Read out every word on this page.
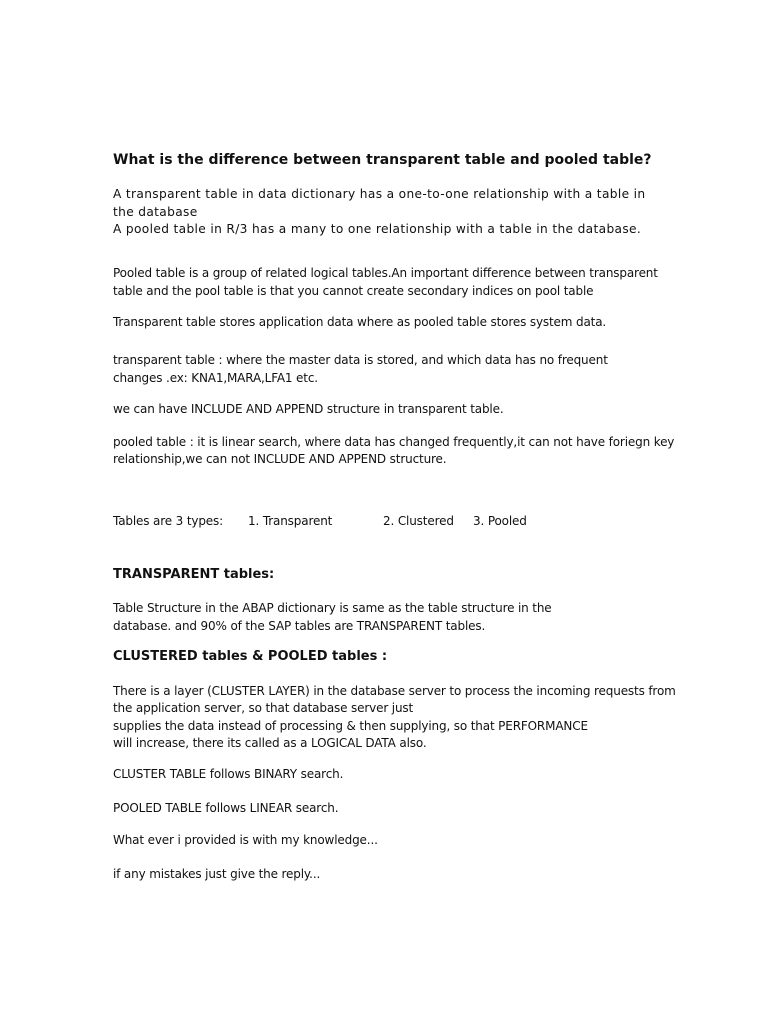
What is the difference between transparent table and pooled table?
A transparent table in data dictionary has a one-to-one relationship with a table in
the database
A pooled table in R/3 has a many to one relationship with a table in the database.
Pooled table is a group of related logical tables.An important difference between transparent
table and the pool table is that you cannot create secondary indices on pool table
Transparent table stores application data where as pooled table stores system data.
transparent table : where the master data is stored, and which data has no frequent
changes .ex: KNA1,MARA,LFA1 etc.
we can have INCLUDE AND APPEND structure in transparent table.
pooled table : it is linear search, where data has changed frequently,it can not have foriegn key
relationship,we can not INCLUDE AND APPEND structure.
Tables are 3 types: 1. Transparent	2. Clustered 3. Pooled
TRANSPARENT tables:
Table Structure in the ABAP dictionary is same as the table structure in the
database. and 90% of the SAP tables are TRANSPARENT tables.
CLUSTERED tables & POOLED tables :
There is a layer (CLUSTER LAYER) in the database server to process the incoming requests from
the application server, so that database server just
supplies the data instead of processing & then supplying, so that PERFORMANCE
will increase, there its called as a LOGICAL DATA also.
CLUSTER TABLE follows BINARY search.
POOLED TABLE follows LINEAR search.
What ever i provided is with my knowledge...
if any mistakes just give the reply...
